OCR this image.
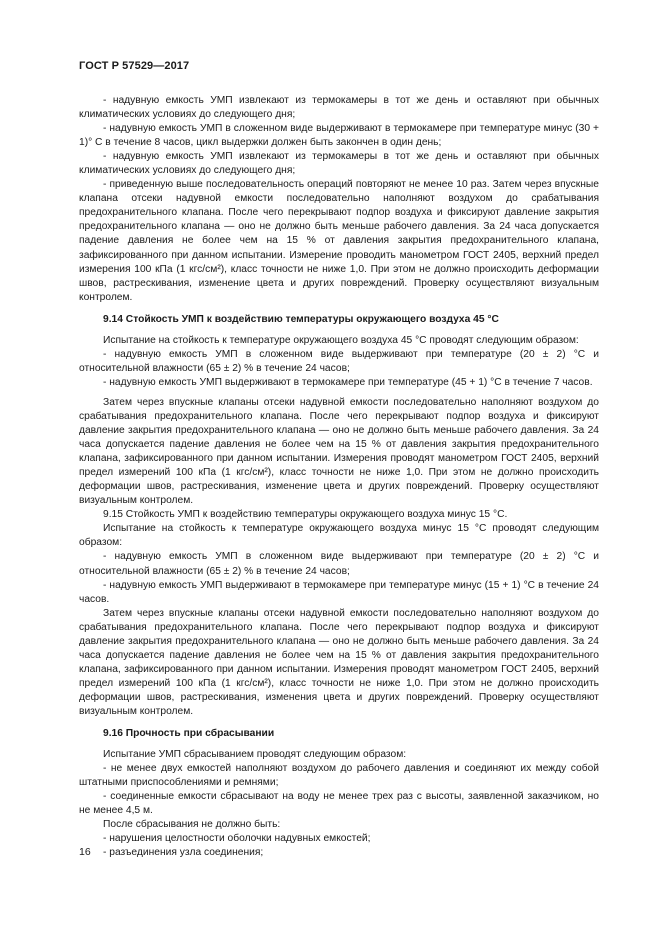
ГОСТ Р 57529—2017

- надувную емкость УМП извлекают из термокамеры в тот же день и оставляют при обычных климатических условиях до следующего дня;

- надувную емкость УМП в сложенном виде выдерживают в термокамере при температуре минус (30 + 1)° С в течение 8 часов, цикл выдержки должен быть закончен в один день;

- надувную емкость УМП извлекают из термокамеры в тот же день и оставляют при обычных климатических условиях до следующего дня;

- приведенную выше последовательность операций повторяют не менее 10 раз. Затем через впускные клапана отсеки надувной емкости последовательно наполняют воздухом до срабатывания предохранительного клапана. После чего перекрывают подпор воздуха и фиксируют давление закрытия предохранительного клапана — оно не должно быть меньше рабочего давления. За 24 часа допускается падение давления не более чем на 15 % от давления закрытия предохранительного клапана, зафиксированного при данном испытании. Измерение проводить манометром ГОСТ 2405, верхний предел измерения 100 кПа (1 кгс/см²), класс точности не ниже 1,0. При этом не должно происходить деформации швов, растрескивания, изменение цвета и других повреждений. Проверку осуществляют визуальным контролем.

9.14 Стойкость УМП к воздействию температуры окружающего воздуха 45 °С

Испытание на стойкость к температуре окружающего воздуха 45 °С проводят следующим образом:

- надувную емкость УМП в сложенном виде выдерживают при температуре (20 ± 2) °С и относительной влажности (65 ± 2) % в течение 24 часов;

- надувную емкость УМП выдерживают в термокамере при температуре (45 + 1) °С в течение 7 часов.

Затем через впускные клапаны отсеки надувной емкости последовательно наполняют воздухом до срабатывания предохранительного клапана. После чего перекрывают подпор воздуха и фиксируют давление закрытия предохранительного клапана — оно не должно быть меньше рабочего давления. За 24 часа допускается падение давления не более чем на 15 % от давления закрытия предохранительного клапана, зафиксированного при данном испытании. Измерения проводят манометром ГОСТ 2405, верхний предел измерений 100 кПа (1 кгс/см²), класс точности не ниже 1,0. При этом не должно происходить деформации швов, растрескивания, изменение цвета и других повреждений. Проверку осуществляют визуальным контролем.

9.15 Стойкость УМП к воздействию температуры окружающего воздуха минус 15 °С.

Испытание на стойкость к температуре окружающего воздуха минус 15 °С проводят следующим образом:

- надувную емкость УМП в сложенном виде выдерживают при температуре (20 ± 2) °С и относительной влажности (65 ± 2) % в течение 24 часов;

- надувную емкость УМП выдерживают в термокамере при температуре минус (15 + 1) °С в течение 24 часов.

Затем через впускные клапаны отсеки надувной емкости последовательно наполняют воздухом до срабатывания предохранительного клапана. После чего перекрывают подпор воздуха и фиксируют давление закрытия предохранительного клапана — оно не должно быть меньше рабочего давления. За 24 часа допускается падение давления не более чем на 15 % от давления закрытия предохранительного клапана, зафиксированного при данном испытании. Измерения проводят манометром ГОСТ 2405, верхний предел измерений 100 кПа (1 кгс/см²), класс точности не ниже 1,0. При этом не должно происходить деформации швов, растрескивания, изменения цвета и других повреждений. Проверку осуществляют визуальным контролем.

9.16 Прочность при сбрасывании

Испытание УМП сбрасыванием проводят следующим образом:

- не менее двух емкостей наполняют воздухом до рабочего давления и соединяют их между собой штатными приспособлениями и ремнями;

- соединенные емкости сбрасывают на воду не менее трех раз с высоты, заявленной заказчиком, но не менее 4,5 м.

После сбрасывания не должно быть:

- нарушения целостности оболочки надувных емкостей;

- разъединения узла соединения;

16
